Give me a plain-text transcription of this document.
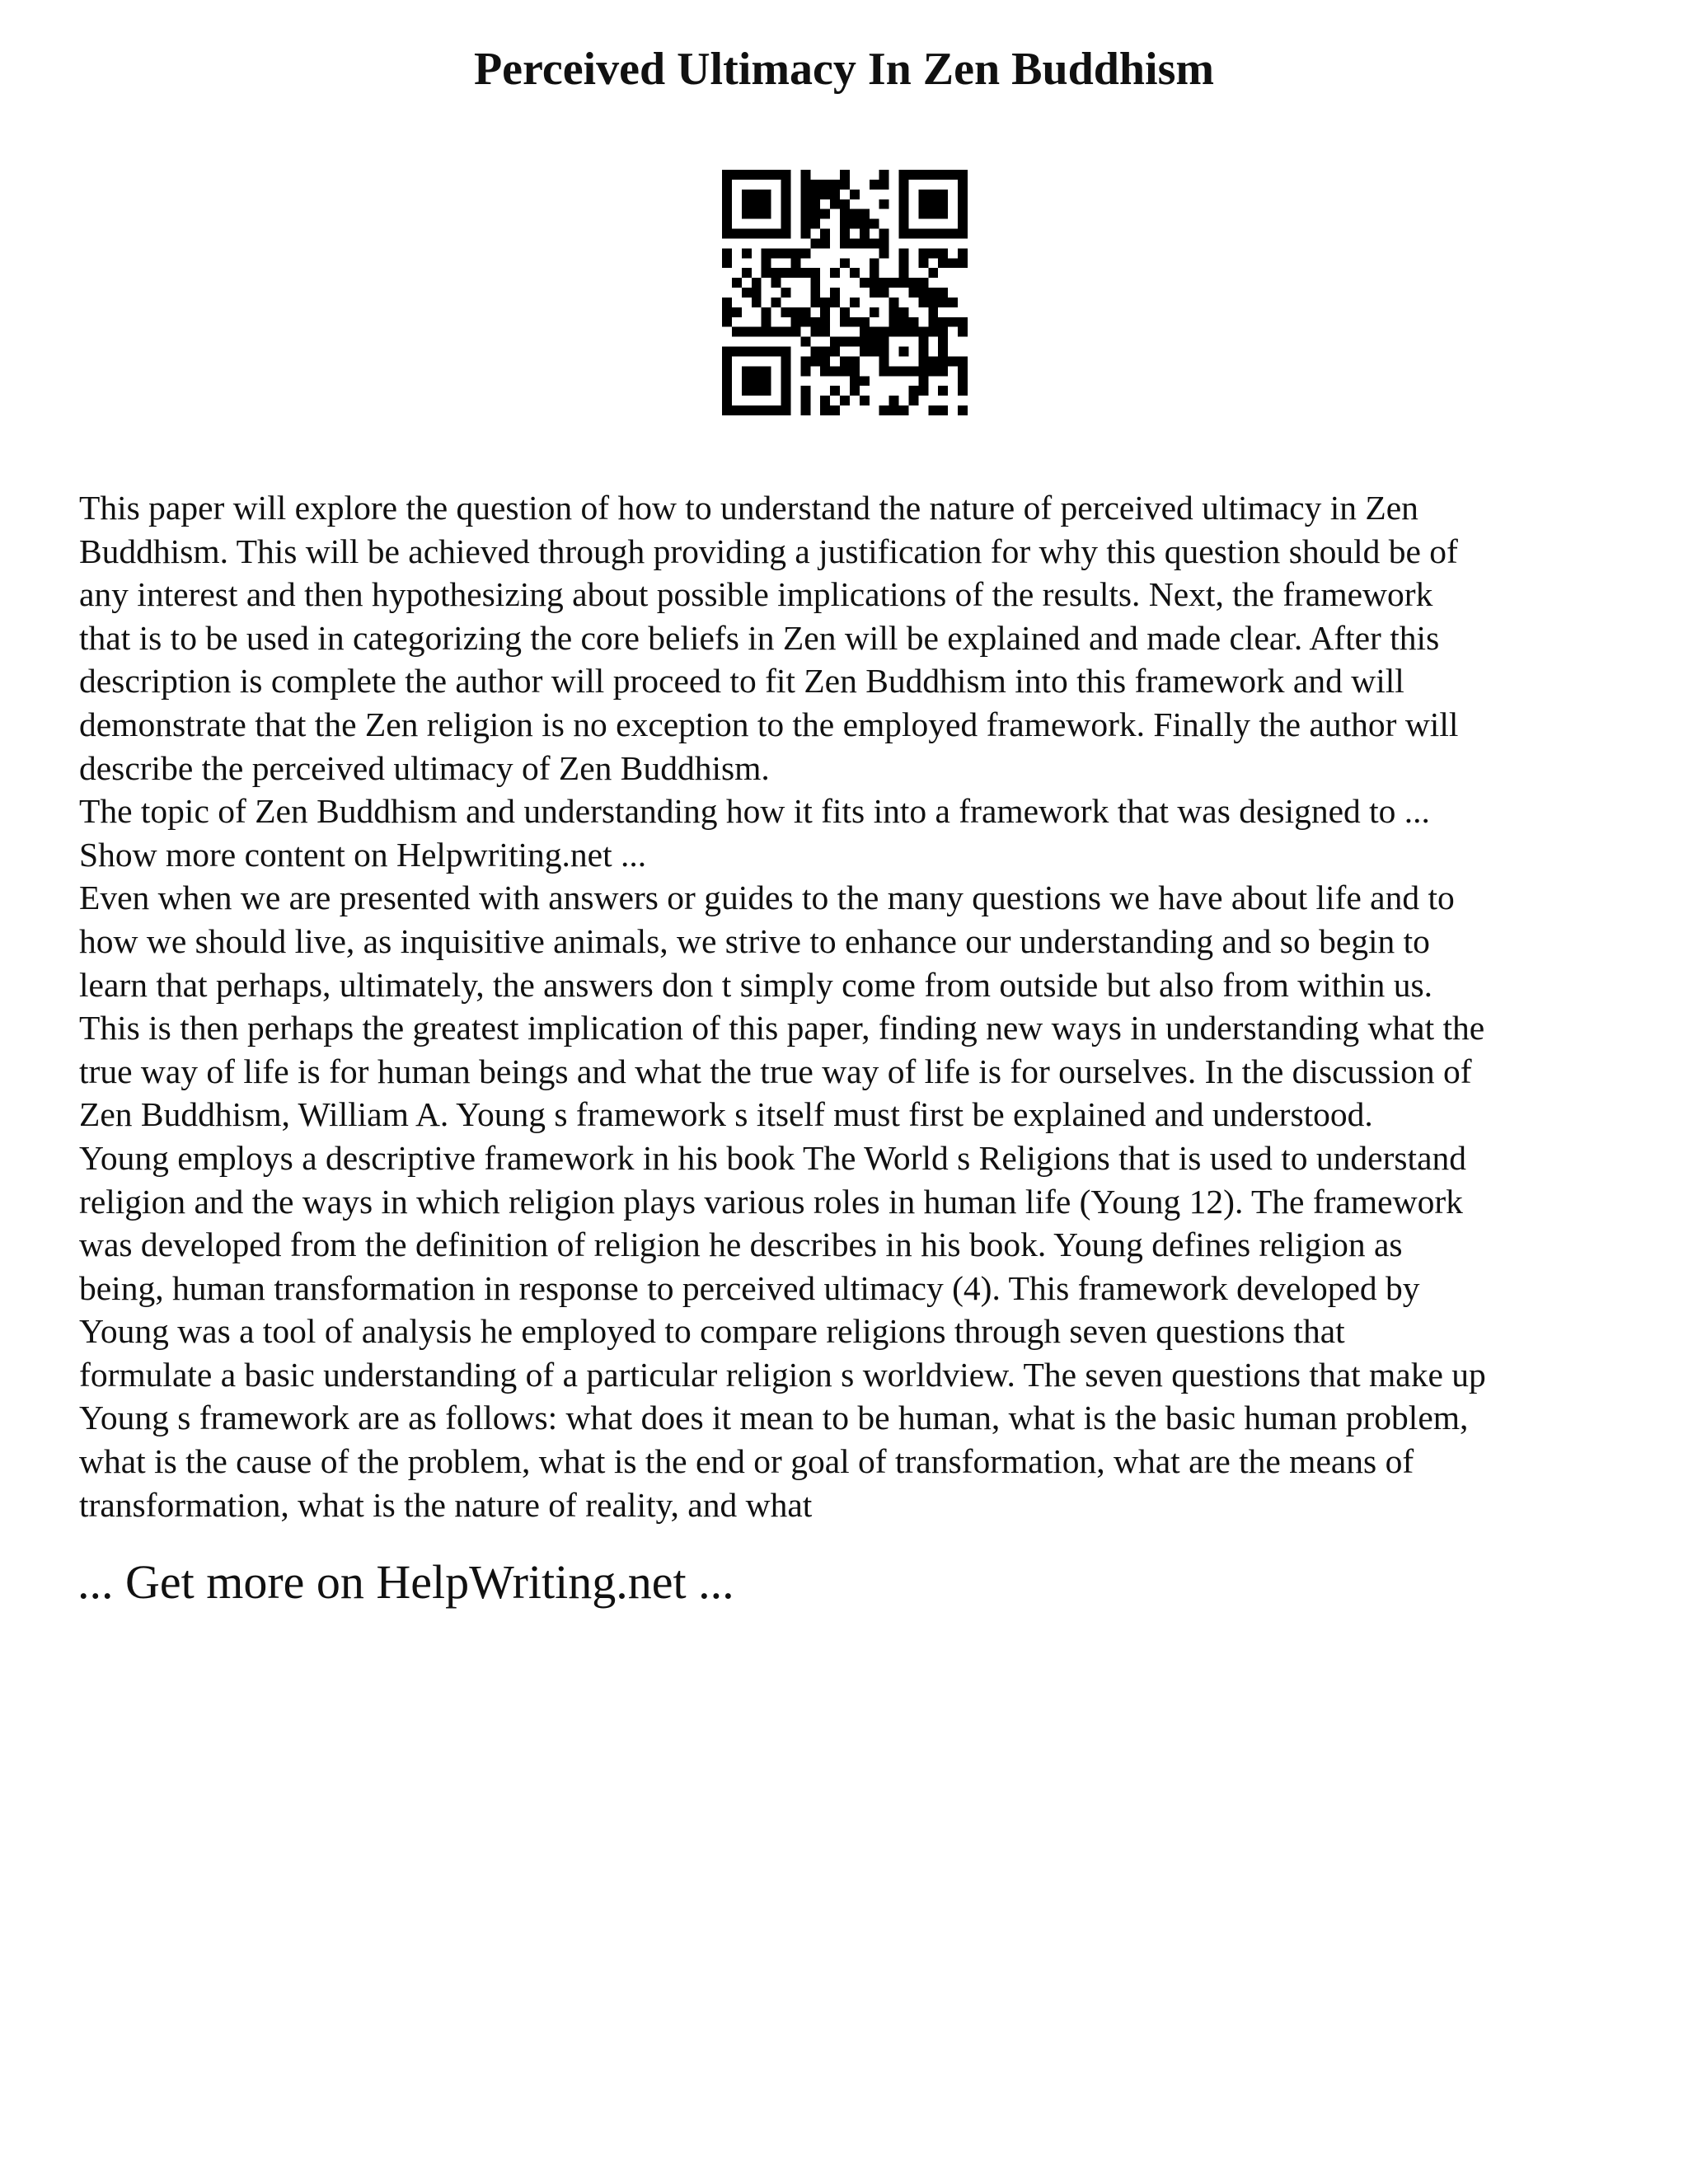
Perceived Ultimacy In Zen Buddhism
This paper will explore the question of how to understand the nature of perceived ultimacy in Zen
Buddhism. This will be achieved through providing a justification for why this question should be of
any interest and then hypothesizing about possible implications of the results. Next, the framework
that is to be used in categorizing the core beliefs in Zen will be explained and made clear. After this
description is complete the author will proceed to fit Zen Buddhism into this framework and will
demonstrate that the Zen religion is no exception to the employed framework. Finally the author will
describe the perceived ultimacy of Zen Buddhism.
The topic of Zen Buddhism and understanding how it fits into a framework that was designed to ...
Show more content on Helpwriting.net ...
Even when we are presented with answers or guides to the many questions we have about life and to
how we should live, as inquisitive animals, we strive to enhance our understanding and so begin to
learn that perhaps, ultimately, the answers don t simply come from outside but also from within us.
This is then perhaps the greatest implication of this paper, finding new ways in understanding what the
true way of life is for human beings and what the true way of life is for ourselves. In the discussion of
Zen Buddhism, William A. Young s framework s itself must first be explained and understood.
Young employs a descriptive framework in his book The World s Religions that is used to understand
religion and the ways in which religion plays various roles in human life (Young 12). The framework
was developed from the definition of religion he describes in his book. Young defines religion as
being, human transformation in response to perceived ultimacy (4). This framework developed by
Young was a tool of analysis he employed to compare religions through seven questions that
formulate a basic understanding of a particular religion s worldview. The seven questions that make up
Young s framework are as follows: what does it mean to be human, what is the basic human problem,
what is the cause of the problem, what is the end or goal of transformation, what are the means of
transformation, what is the nature of reality, and what
... Get more on HelpWriting.net ...
